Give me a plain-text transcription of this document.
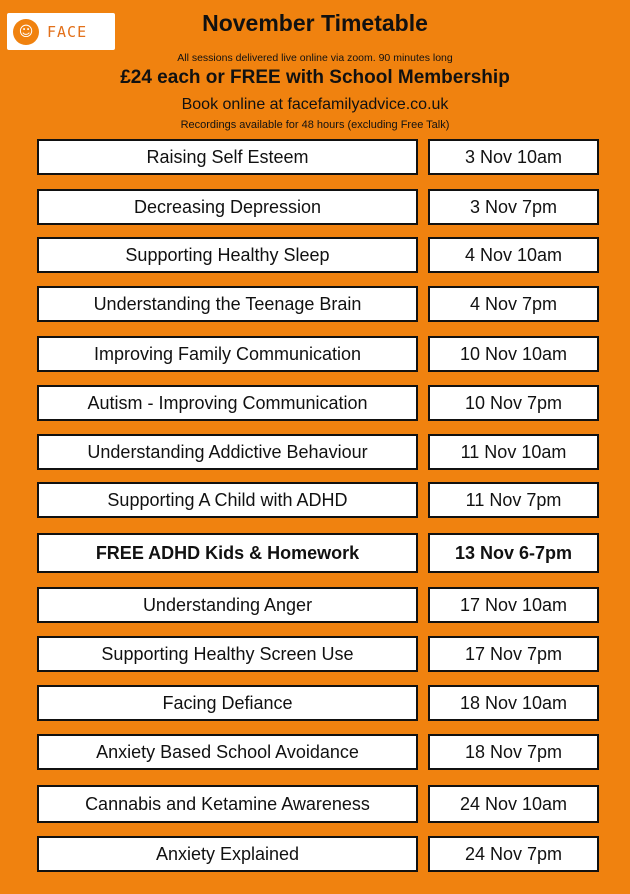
☺ FACE	November Timetable
All sessions delivered live online via zoom. 90 minutes long
£24 each or FREE with School Membership
Book online at facefamilyadvice.co.uk
Recordings available for 48 hours (excluding Free Talk)
Raising Self Esteem	3 Nov 10am
Decreasing Depression	3 Nov 7pm
Supporting Healthy Sleep	4 Nov 10am
Understanding the Teenage Brain	4 Nov 7pm
Improving Family Communication	10 Nov 10am
Autism - Improving Communication	10 Nov 7pm
Understanding Addictive Behaviour	11 Nov 10am
Supporting A Child with ADHD	11 Nov 7pm
FREE ADHD Kids & Homework	13 Nov 6-7pm
Understanding Anger	17 Nov 10am
Supporting Healthy Screen Use	17 Nov 7pm
Facing Defiance	18 Nov 10am
Anxiety Based School Avoidance	18 Nov 7pm
Cannabis and Ketamine Awareness	24 Nov 10am
Anxiety Explained	24 Nov 7pm
